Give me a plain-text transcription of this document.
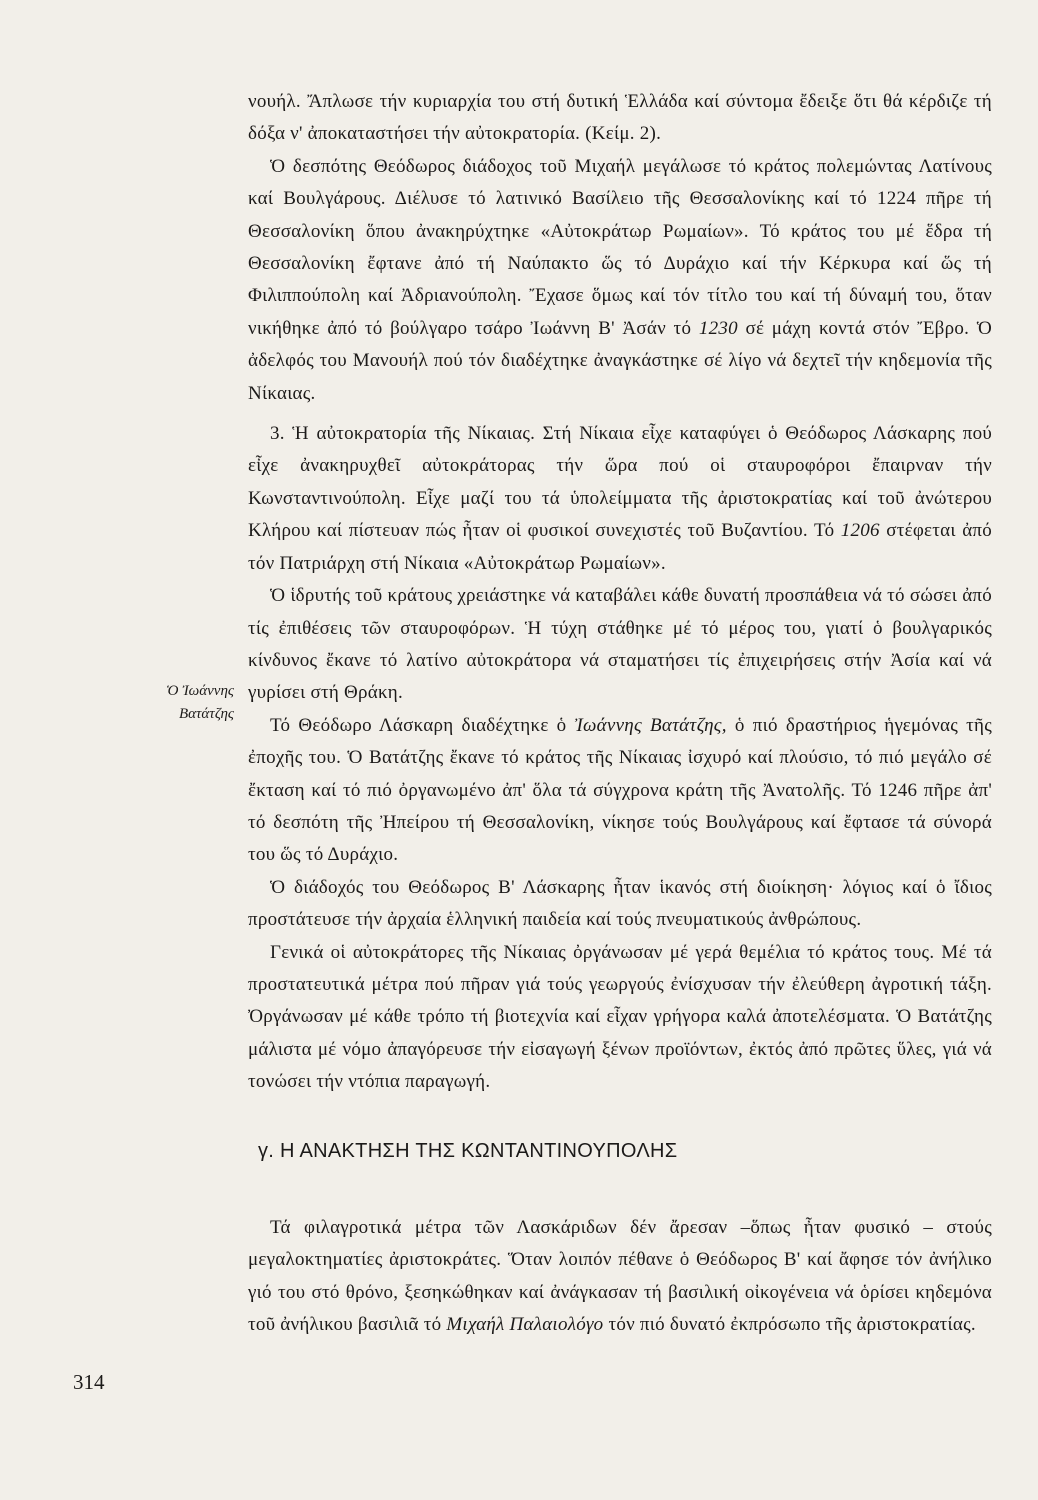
νουήλ. Ἄπλωσε τήν κυριαρχία του στή δυτική Ἑλλάδα καί σύντομα ἔδειξε ὅτι θά κέρδιζε τή δόξα ν' ἀποκαταστήσει τήν αὐτοκρατορία. (Κείμ. 2).

Ὁ δεσπότης Θεόδωρος διάδοχος τοῦ Μιχαήλ μεγάλωσε τό κράτος πολεμώντας Λατίνους καί Βουλγάρους. Διέλυσε τό λατινικό Βασίλειο τῆς Θεσσαλονίκης καί τό 1224 πῆρε τή Θεσσαλονίκη ὅπου ἀνακηρύχτηκε «Αὐτοκράτωρ Ρωμαίων». Τό κράτος του μέ ἕδρα τή Θεσσαλονίκη ἔφτανε ἀπό τή Ναύπακτο ὥς τό Δυράχιο καί τήν Κέρκυρα καί ὥς τή Φιλιππούπολη καί Ἀδριανούπολη. Ἔχασε ὅμως καί τόν τίτλο του καί τή δύναμή του, ὅταν νικήθηκε ἀπό τό βούλγαρο τσάρο Ἰωάννη Β' Ἀσάν τό 1230 σέ μάχη κοντά στόν Ἔβρο. Ὁ ἀδελφός του Μανουήλ πού τόν διαδέχτηκε ἀναγκάστηκε σέ λίγο νά δεχτεῖ τήν κηδεμονία τῆς Νίκαιας.

3. Ἡ αὐτοκρατορία τῆς Νίκαιας. Στή Νίκαια εἶχε καταφύγει ὁ Θεόδωρος Λάσκαρης πού εἶχε ἀνακηρυχθεῖ αὐτοκράτορας τήν ὥρα πού οἱ σταυροφόροι ἔπαιρναν τήν Κωνσταντινούπολη. Εἶχε μαζί του τά ὑπολείμματα τῆς ἀριστοκρατίας καί τοῦ ἀνώτερου Κλήρου καί πίστευαν πώς ἦταν οἱ φυσικοί συνεχιστές τοῦ Βυζαντίου. Τό 1206 στέφεται ἀπό τόν Πατριάρχη στή Νίκαια «Αὐτοκράτωρ Ρωμαίων».

Ὁ ἱδρυτής τοῦ κράτους χρειάστηκε νά καταβάλει κάθε δυνατή προσπάθεια νά τό σώσει ἀπό τίς ἐπιθέσεις τῶν σταυροφόρων. Ἡ τύχη στάθηκε μέ τό μέρος του, γιατί ὁ βουλγαρικός κίνδυνος ἔκανε τό λατίνο αὐτοκράτορα νά σταματήσει τίς ἐπιχειρήσεις στήν Ἀσία καί νά γυρίσει στή Θράκη.

Τό Θεόδωρο Λάσκαρη διαδέχτηκε ὁ Ἰωάννης Βατάτζης, ὁ πιό δραστήριος ἡγεμόνας τῆς ἐποχῆς του. Ὁ Βατάτζης ἔκανε τό κράτος τῆς Νίκαιας ἰσχυρό καί πλούσιο, τό πιό μεγάλο σέ ἔκταση καί τό πιό ὀργανωμένο ἀπ' ὅλα τά σύγχρονα κράτη τῆς Ἀνατολῆς. Τό 1246 πῆρε ἀπ' τό δεσπότη τῆς Ἠπείρου τή Θεσσαλονίκη, νίκησε τούς Βουλγάρους καί ἔφτασε τά σύνορά του ὥς τό Δυράχιο.

Ὁ διάδοχός του Θεόδωρος Β' Λάσκαρης ἦταν ἱκανός στή διοίκηση· λόγιος καί ὁ ἴδιος προστάτευσε τήν ἀρχαία ἑλληνική παιδεία καί τούς πνευματικούς ἀνθρώπους.

Γενικά οἱ αὐτοκράτορες τῆς Νίκαιας ὀργάνωσαν μέ γερά θεμέλια τό κράτος τους. Μέ τά προστατευτικά μέτρα πού πῆραν γιά τούς γεωργούς ἐνίσχυσαν τήν ἐλεύθερη ἀγροτική τάξη. Ὀργάνωσαν μέ κάθε τρόπο τή βιοτεχνία καί εἶχαν γρήγορα καλά ἀποτελέσματα. Ὁ Βατάτζης μάλιστα μέ νόμο ἀπαγόρευσε τήν εἰσαγωγή ξένων προϊόντων, ἐκτός ἀπό πρῶτες ὕλες, γιά νά τονώσει τήν ντόπια παραγωγή.

Ὁ Ἰωάννης
Βατάτζης
γ. Η ΑΝΑΚΤΗΣΗ ΤΗΣ ΚΩΝΤΑΝΤΙΝΟΥΠΟΛΗΣ

Τά φιλαγροτικά μέτρα τῶν Λασκάριδων δέν ἄρεσαν –ὅπως ἦταν φυσικό – στούς μεγαλοκτηματίες ἀριστοκράτες. Ὅταν λοιπόν πέθανε ὁ Θεόδωρος Β' καί ἄφησε τόν ἀνήλικο γιό του στό θρόνο, ξεσηκώθηκαν καί ἀνάγκασαν τή βασιλική οἰκογένεια νά ὁρίσει κηδεμόνα τοῦ ἀνήλικου βασιλιᾶ τό Μιχαήλ Παλαιολόγο τόν πιό δυνατό ἐκπρόσωπο τῆς ἀριστοκρατίας.

314
